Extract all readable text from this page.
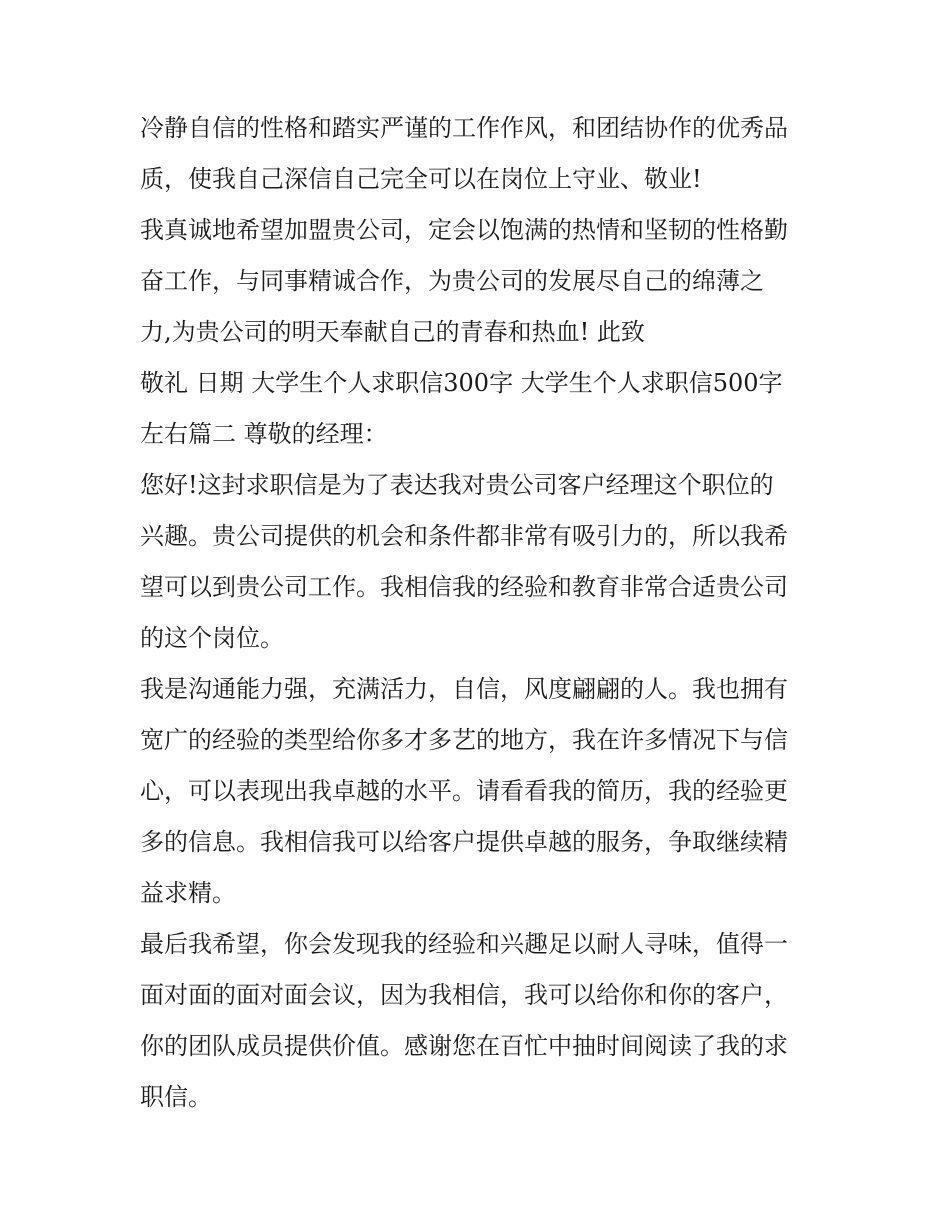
冷静自信的性格和踏实严谨的工作作风，和团结协作的优秀品
质，使我自己深信自己完全可以在岗位上守业、敬业!
我真诚地希望加盟贵公司，定会以饱满的热情和坚韧的性格勤
奋工作，与同事精诚合作，为贵公司的发展尽自己的绵薄之
力,为贵公司的明天奉献自己的青春和热血! 此致
敬礼 日期 大学生个人求职信300字 大学生个人求职信500字
左右篇二 尊敬的经理：
您好!这封求职信是为了表达我对贵公司客户经理这个职位的
兴趣。贵公司提供的机会和条件都非常有吸引力的，所以我希
望可以到贵公司工作。我相信我的经验和教育非常合适贵公司
的这个岗位。
我是沟通能力强，充满活力，自信，风度翩翩的人。我也拥有
宽广的经验的类型给你多才多艺的地方，我在许多情况下与信
心，可以表现出我卓越的水平。请看看我的简历，我的经验更
多的信息。我相信我可以给客户提供卓越的服务，争取继续精
益求精。
最后我希望，你会发现我的经验和兴趣足以耐人寻味，值得一
面对面的面对面会议，因为我相信，我可以给你和你的客户，
你的团队成员提供价值。感谢您在百忙中抽时间阅读了我的求
职信。
